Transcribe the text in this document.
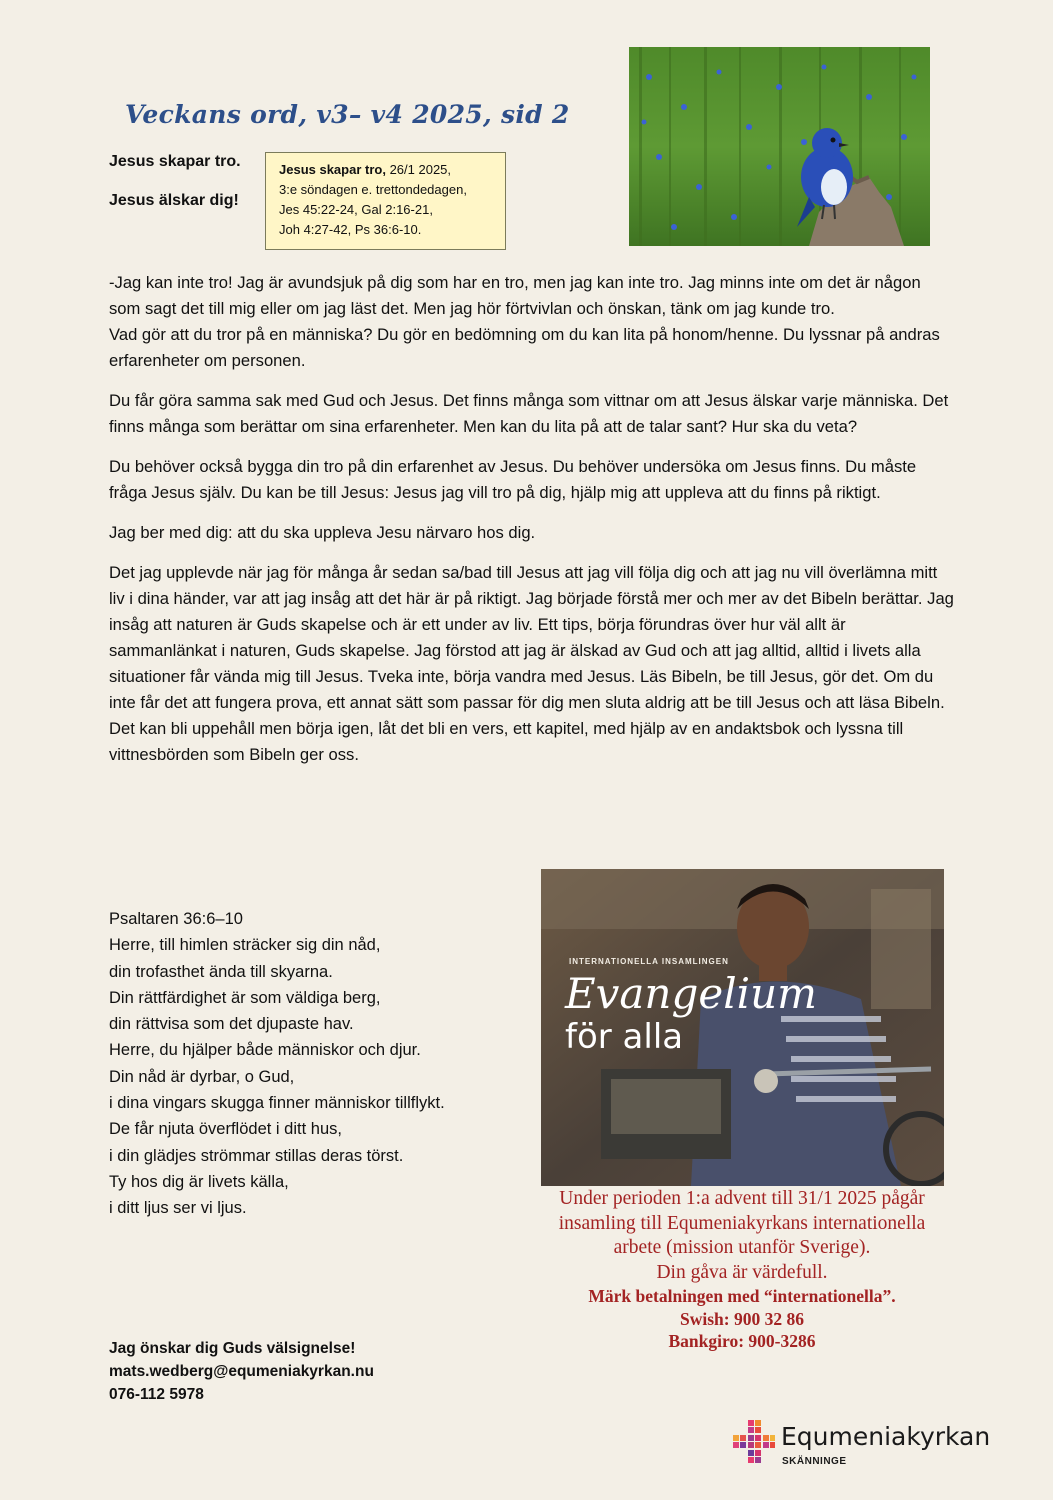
Veckans ord, v3– v4 2025, sid 2
Jesus skapar tro.
Jesus älskar dig!
Jesus skapar tro, 26/1 2025,
3:e söndagen e. trettondedagen,
Jes 45:22-24, Gal 2:16-21,
Joh 4:27-42, Ps 36:6-10.

-Jag kan inte tro! Jag är avundsjuk på dig som har en tro, men jag kan inte tro. Jag minns inte om det är någon som sagt det till mig eller om jag läst det. Men jag hör förtvivlan och önskan, tänk om jag kunde tro.

Vad gör att du tror på en människa? Du gör en bedömning om du kan lita på honom/henne. Du lyssnar på andras erfarenheter om personen.

Du får göra samma sak med Gud och Jesus. Det finns många som vittnar om att Jesus älskar varje människa. Det finns många som berättar om sina erfarenheter. Men kan du lita på att de talar sant? Hur ska du veta?

Du behöver också bygga din tro på din erfarenhet av Jesus. Du behöver undersöka om Jesus finns. Du måste fråga Jesus själv. Du kan be till Jesus: Jesus jag vill tro på dig, hjälp mig att uppleva att du finns på riktigt.

Jag ber med dig: att du ska uppleva Jesu närvaro hos dig.

Det jag upplevde när jag för många år sedan sa/bad till Jesus att jag vill följa dig och att jag nu vill överlämna mitt liv i dina händer, var att jag insåg att det här är på riktigt. Jag började förstå mer och mer av det Bibeln berättar. Jag insåg att naturen är Guds skapelse och är ett under av liv. Ett tips, börja förundras över hur väl allt är sammanlänkat i naturen, Guds skapelse. Jag förstod att jag är älskad av Gud och att jag alltid, alltid i livets alla situationer får vända mig till Jesus. Tveka inte, börja vandra med Jesus. Läs Bibeln, be till Jesus, gör det. Om du inte får det att fungera prova, ett annat sätt som passar för dig men sluta aldrig att be till Jesus och att läsa Bibeln. Det kan bli uppehåll men börja igen, låt det bli en vers, ett kapitel, med hjälp av en andaktsbok och lyssna till vittnesbörden som Bibeln ger oss.

Psaltaren 36:6–10
Herre, till himlen sträcker sig din nåd,
din trofasthet ända till skyarna.
Din rättfärdighet är som väldiga berg,
din rättvisa som det djupaste hav.
Herre, du hjälper både människor och djur.
Din nåd är dyrbar, o Gud,
i dina vingars skugga finner människor tillflykt.
De får njuta överflödet i ditt hus,
i din glädjes strömmar stillas deras törst.
Ty hos dig är livets källa,
i ditt ljus ser vi ljus.
INTERNATIONELLA INSAMLINGEN
Evangelium
för alla
Under perioden 1:a advent till 31/1 2025 pågår
insamling till Equmeniakyrkans internationella
arbete (mission utanför Sverige).
Din gåva är värdefull.
Märk betalningen med “internationella”.
Swish: 900 32 86
Bankgiro: 900-3286
Jag önskar dig Guds välsignelse!
mats.wedberg@equmeniakyrkan.nu
076-112 5978
Equmeniakyrkan
SKÄNNINGE
